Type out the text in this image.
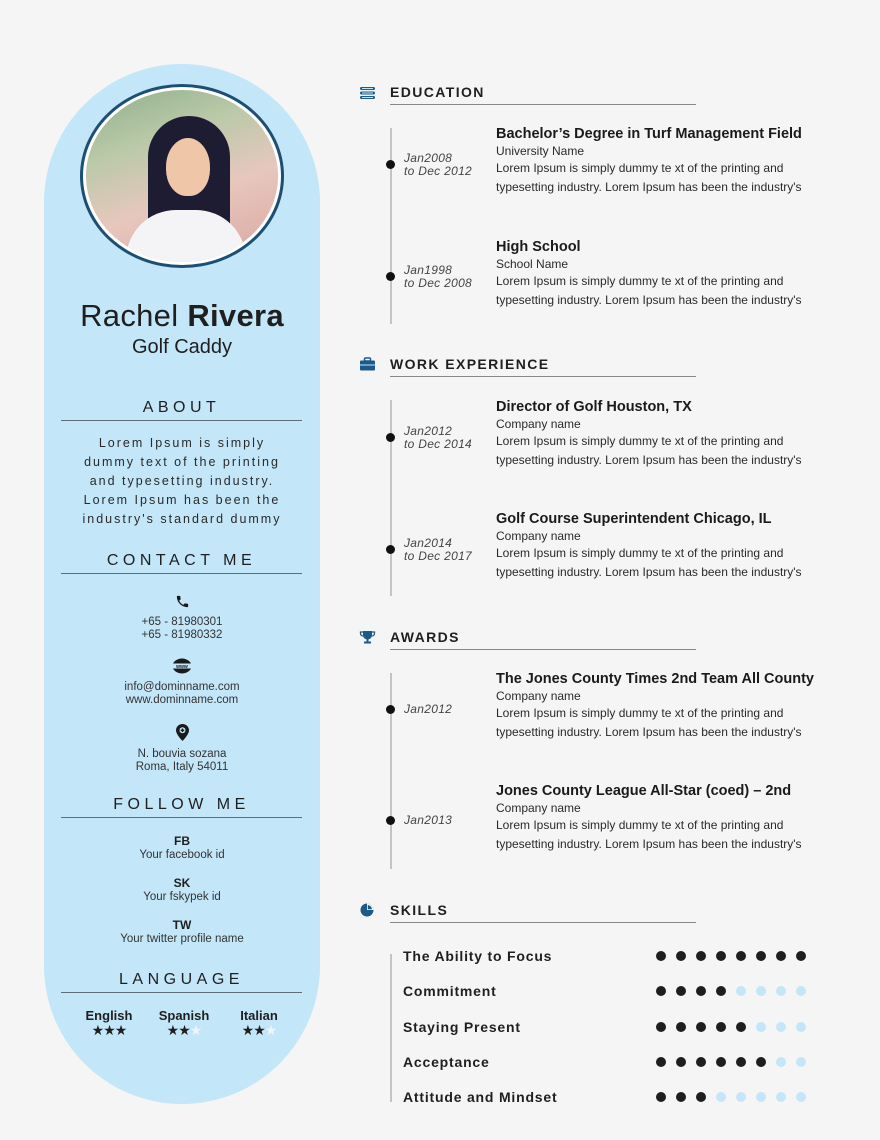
Rachel Rivera
Golf Caddy
ABOUT
Lorem Ipsum is simply
dummy text of the printing
and typesetting industry.
Lorem Ipsum has been the
industry's standard dummy
CONTACT ME
+65 - 81980301
+65 - 81980332
www
info@dominname.com
www.dominname.com
N. bouvia sozana
Roma, Italy 54011
FOLLOW ME
FB
Your facebook id
SK
Your fskypek id
TW
Your twitter profile name
LANGUAGE
English
★★★
Spanish
★★★
Italian
★★★
EDUCATION
Jan2008
to Dec 2012
Bachelor’s Degree in Turf Management Field
University Name
Lorem Ipsum is simply dummy te xt of the printing and
typesetting industry. Lorem Ipsum has been the industry's
Jan1998
to Dec 2008
High School
School Name
Lorem Ipsum is simply dummy te xt of the printing and
typesetting industry. Lorem Ipsum has been the industry's
WORK EXPERIENCE
Jan2012
to Dec 2014
Director of Golf Houston, TX
Company name
Lorem Ipsum is simply dummy te xt of the printing and
typesetting industry. Lorem Ipsum has been the industry's
Jan2014
to Dec 2017
Golf Course Superintendent Chicago, IL
Company name
Lorem Ipsum is simply dummy te xt of the printing and
typesetting industry. Lorem Ipsum has been the industry's
AWARDS
Jan2012
The Jones County Times 2nd Team All County
Company name
Lorem Ipsum is simply dummy te xt of the printing and
typesetting industry. Lorem Ipsum has been the industry's
Jan2013
Jones County League All-Star (coed) – 2nd
Company name
Lorem Ipsum is simply dummy te xt of the printing and
typesetting industry. Lorem Ipsum has been the industry's
SKILLS
The Ability to Focus
Commitment
Staying Present
Acceptance
Attitude and Mindset
